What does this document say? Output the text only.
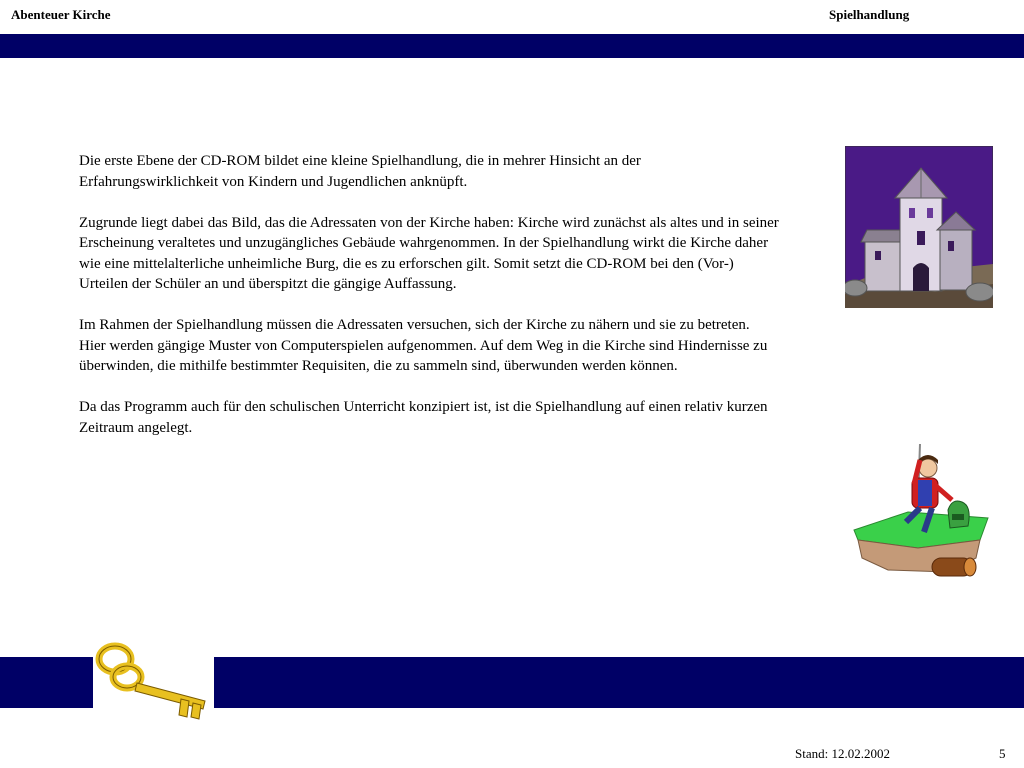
Abenteuer Kirche	Spielhandlung

Die erste Ebene der CD-ROM bildet eine kleine Spielhandlung, die in mehrer Hinsicht an der Erfahrungswirklichkeit von Kindern und Jugendlichen anknüpft.

Zugrunde liegt dabei das Bild, das die Adressaten von der Kirche haben: Kirche wird zunächst als altes und in seiner Erscheinung veraltetes und unzugängliches Gebäude wahrgenommen. In der Spielhandlung wirkt die Kirche daher wie eine mittelalterliche unheimliche Burg, die es zu erforschen gilt. Somit setzt die CD-ROM bei den (Vor-) Urteilen der Schüler an und überspitzt die gängige Auffassung.

Im Rahmen der Spielhandlung müssen die Adressaten versuchen, sich der Kirche zu nähern und sie zu betreten.

Hier werden gängige Muster von Computerspielen aufgenommen. Auf dem Weg in die Kirche sind Hindernisse zu überwinden, die mithilfe bestimmter Requisiten, die zu sammeln sind, überwunden werden können.

Da das Programm auch für den schulischen Unterricht konzipiert ist, ist die Spielhandlung auf einen relativ kurzen Zeitraum angelegt.

Stand: 12.02.2002	5
